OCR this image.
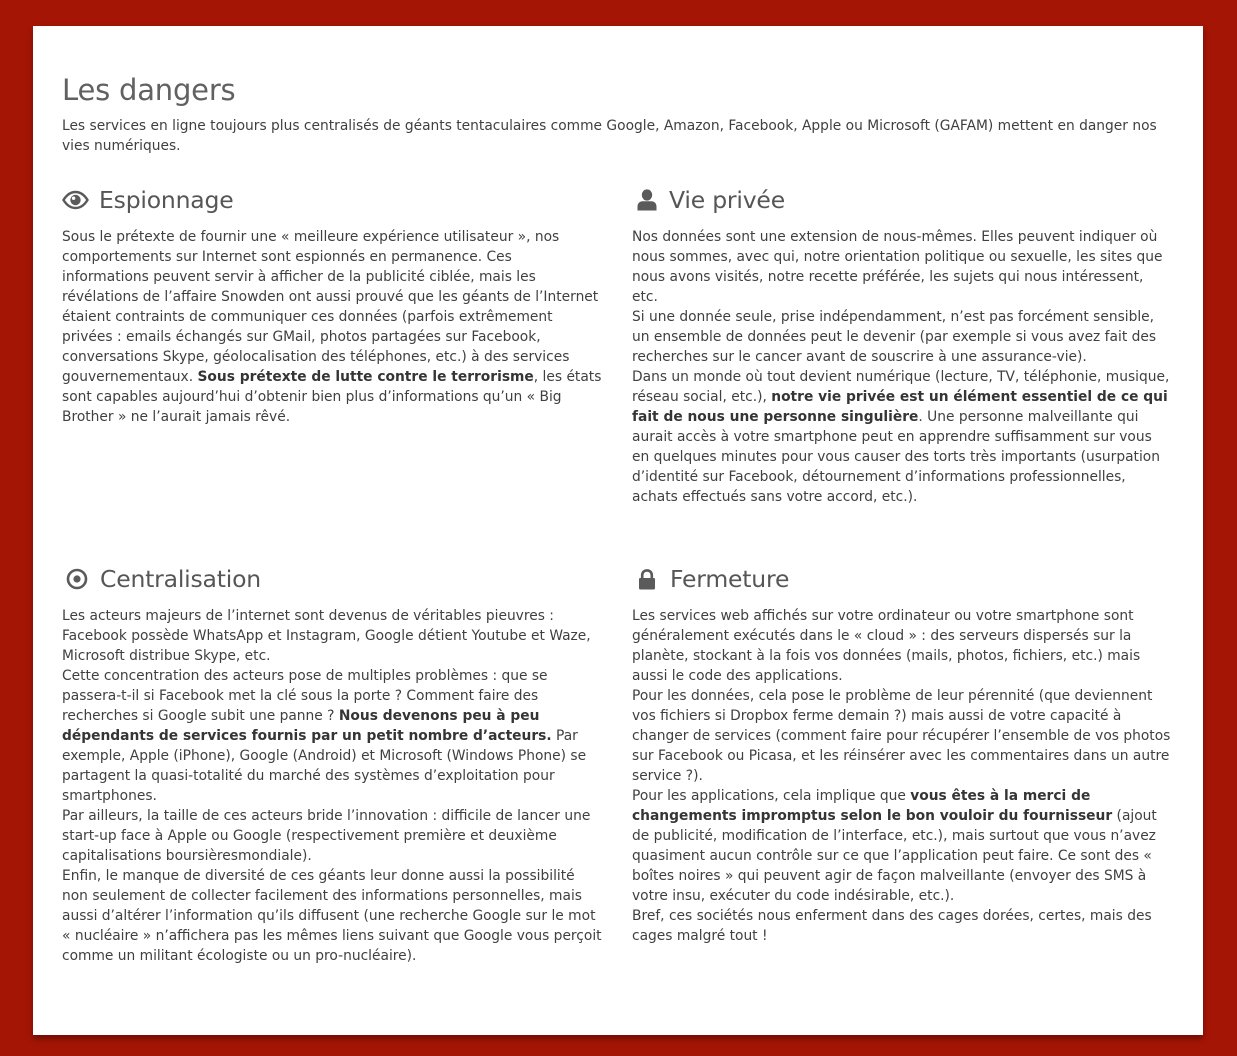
Les dangers

Les services en ligne toujours plus centralisés de géants tentaculaires comme Google, Amazon, Facebook, Apple ou Microsoft (GAFAM) mettent en danger nos vies numériques.

Espionnage

Sous le prétexte de fournir une « meilleure expérience utilisateur », nos comportements sur Internet sont espionnés en permanence. Ces informations peuvent servir à afficher de la publicité ciblée, mais les révélations de l’affaire Snowden ont aussi prouvé que les géants de l’Internet étaient contraints de communiquer ces données (parfois extrêmement privées : emails échangés sur GMail, photos partagées sur Facebook, conversations Skype, géolocalisation des téléphones, etc.) à des services gouvernementaux. Sous prétexte de lutte contre le terrorisme, les états sont capables aujourd’hui d’obtenir bien plus d’informations qu’un « Big Brother » ne l’aurait jamais rêvé.

Vie privée

Nos données sont une extension de nous-mêmes. Elles peuvent indiquer où nous sommes, avec qui, notre orientation politique ou sexuelle, les sites que nous avons visités, notre recette préférée, les sujets qui nous intéressent, etc.

Si une donnée seule, prise indépendamment, n’est pas forcément sensible, un ensemble de données peut le devenir (par exemple si vous avez fait des recherches sur le cancer avant de souscrire à une assurance-vie).

Dans un monde où tout devient numérique (lecture, TV, téléphonie, musique, réseau social, etc.), notre vie privée est un élément essentiel de ce qui fait de nous une personne singulière. Une personne malveillante qui aurait accès à votre smartphone peut en apprendre suffisamment sur vous en quelques minutes pour vous causer des torts très importants (usurpation d’identité sur Facebook, détournement d’informations professionnelles, achats effectués sans votre accord, etc.).

Centralisation

Les acteurs majeurs de l’internet sont devenus de véritables pieuvres : Facebook possède WhatsApp et Instagram, Google détient Youtube et Waze, Microsoft distribue Skype, etc.

Cette concentration des acteurs pose de multiples problèmes : que se passera-t-il si Facebook met la clé sous la porte ? Comment faire des recherches si Google subit une panne ? Nous devenons peu à peu dépendants de services fournis par un petit nombre d’acteurs. Par exemple, Apple (iPhone), Google (Android) et Microsoft (Windows Phone) se partagent la quasi-totalité du marché des systèmes d’exploitation pour smartphones.

Par ailleurs, la taille de ces acteurs bride l’innovation : difficile de lancer une start-up face à Apple ou Google (respectivement première et deuxième capitalisations boursièresmondiale).

Enfin, le manque de diversité de ces géants leur donne aussi la possibilité non seulement de collecter facilement des informations personnelles, mais aussi d’altérer l’information qu’ils diffusent (une recherche Google sur le mot « nucléaire » n’affichera pas les mêmes liens suivant que Google vous perçoit comme un militant écologiste ou un pro-nucléaire).

Fermeture

Les services web affichés sur votre ordinateur ou votre smartphone sont généralement exécutés dans le « cloud » : des serveurs dispersés sur la planète, stockant à la fois vos données (mails, photos, fichiers, etc.) mais aussi le code des applications.

Pour les données, cela pose le problème de leur pérennité (que deviennent vos fichiers si Dropbox ferme demain ?) mais aussi de votre capacité à changer de services (comment faire pour récupérer l’ensemble de vos photos sur Facebook ou Picasa, et les réinsérer avec les commentaires dans un autre service ?).

Pour les applications, cela implique que vous êtes à la merci de changements impromptus selon le bon vouloir du fournisseur (ajout de publicité, modification de l’interface, etc.), mais surtout que vous n’avez quasiment aucun contrôle sur ce que l’application peut faire. Ce sont des « boîtes noires » qui peuvent agir de façon malveillante (envoyer des SMS à votre insu, exécuter du code indésirable, etc.).

Bref, ces sociétés nous enferment dans des cages dorées, certes, mais des cages malgré tout !
